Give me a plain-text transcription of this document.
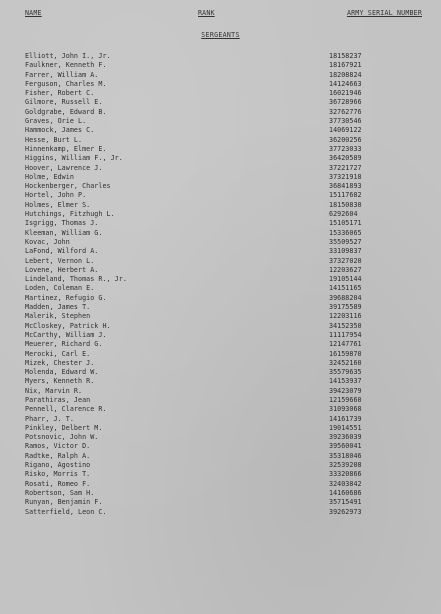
NAME	RANK	ARMY SERIAL NUMBER
SERGEANTS
Elliott, John I., Jr.	18158237
Faulkner, Kenneth F.	18167921
Farrer, William A.	18208824
Ferguson, Charles M.	14124663
Fisher, Robert C.	16021946
Gilmore, Russell E.	36728966
Goldgrabe, Edward B.	32762776
Graves, Orie L.	37730546
Hammock, James C.	14069122
Hesse, Burt L.	36200256
Hinnenkamp, Elmer E.	37723033
Higgins, William F., Jr.	36420589
Hoover, Lawrence J.	37221727
Holme, Edwin	37321918
Hockenberger, Charles	36841893
Hortel, John P.	15117682
Holmes, Elmer S.	18150830
Hutchings, Fitzhugh L.	6292604
Isgrigg, Thomas J.	15105171
Kleeman, William G.	15336065
Kovac, John	35509527
LaFond, Wilford A.	33109837
Lebert, Vernon L.	37327020
Lovene, Herbert A.	12203627
Lindeland, Thomas R., Jr.	19105144
Loden, Coleman E.	14151165
Martinez, Refugio G.	39688204
Madden, James T.	39175589
Malerik, Stephen	12203116
McCloskey, Patrick H.	34152350
McCarthy, William J.	11117954
Meuerer, Richard G.	12147761
Merocki, Carl E.	16159870
Mizek, Chester J.	32452160
Molenda, Edward W.	35579635
Myers, Kenneth R.	14153937
Nix, Marvin R.	39423079
Parathiras, Jean	12159660
Pennell, Clarence R.	31093068
Pharr, J. T.	14161739
Pinkley, Delbert M.	19014551
Potsnovic, John W.	39236039
Ramos, Victor D.	39560041
Radtke, Ralph A.	35318046
Rigano, Agostino	32539208
Risko, Morris T.	33320866
Rosati, Romeo F.	32403842
Robertson, Sam H.	14160686
Runyan, Benjamin F.	35715491
Satterfield, Leon C.	39262973
